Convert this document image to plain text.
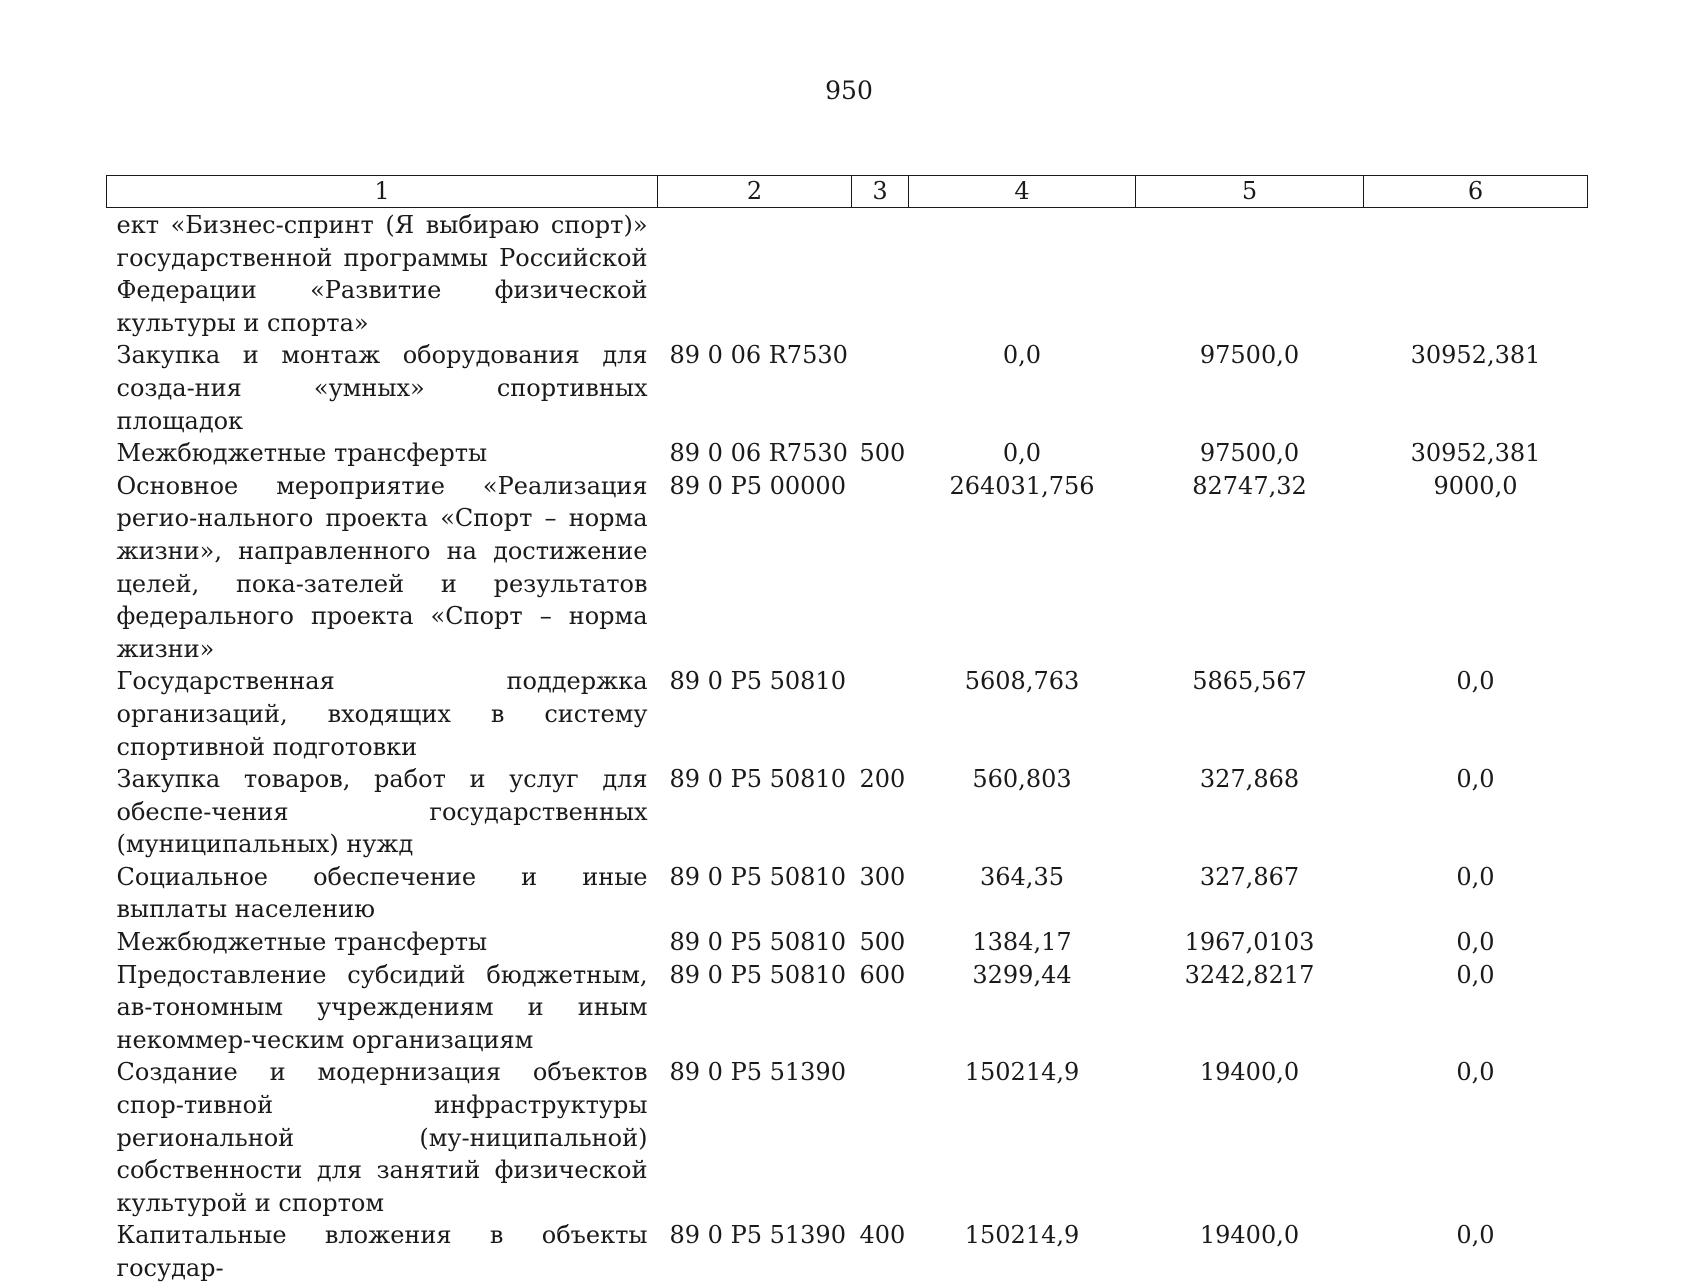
950
1	2	3	4	5	6
ект «Бизнес-спринт (Я выбираю спорт)» государственной программы Российской Федерации «Развитие физической культуры и спорта»					
Закупка и монтаж оборудования для созда-ния «умных» спортивных площадок	89 0 06 R7530		0,0	97500,0	30952,381
Межбюджетные трансферты	89 0 06 R7530	500	0,0	97500,0	30952,381
Основное мероприятие «Реализация регио-нального проекта «Спорт – норма жизни», направленного на достижение целей, пока-зателей и результатов федерального проекта «Спорт – норма жизни»	89 0 P5 00000		264031,756	82747,32	9000,0
Государственная поддержка организаций, входящих в систему спортивной подготовки	89 0 P5 50810		5608,763	5865,567	0,0
Закупка товаров, работ и услуг для обеспе-чения государственных (муниципальных) нужд	89 0 P5 50810	200	560,803	327,868	0,0
Социальное обеспечение и иные выплаты населению	89 0 P5 50810	300	364,35	327,867	0,0
Межбюджетные трансферты	89 0 P5 50810	500	1384,17	1967,0103	0,0
Предоставление субсидий бюджетным, ав-тономным учреждениям и иным некоммер-ческим организациям	89 0 P5 50810	600	3299,44	3242,8217	0,0
Создание и модернизация объектов спор-тивной инфраструктуры региональной (му-ниципальной) собственности для занятий физической культурой и спортом	89 0 P5 51390		150214,9	19400,0	0,0
Капитальные вложения в объекты государ-	89 0 P5 51390	400	150214,9	19400,0	0,0
